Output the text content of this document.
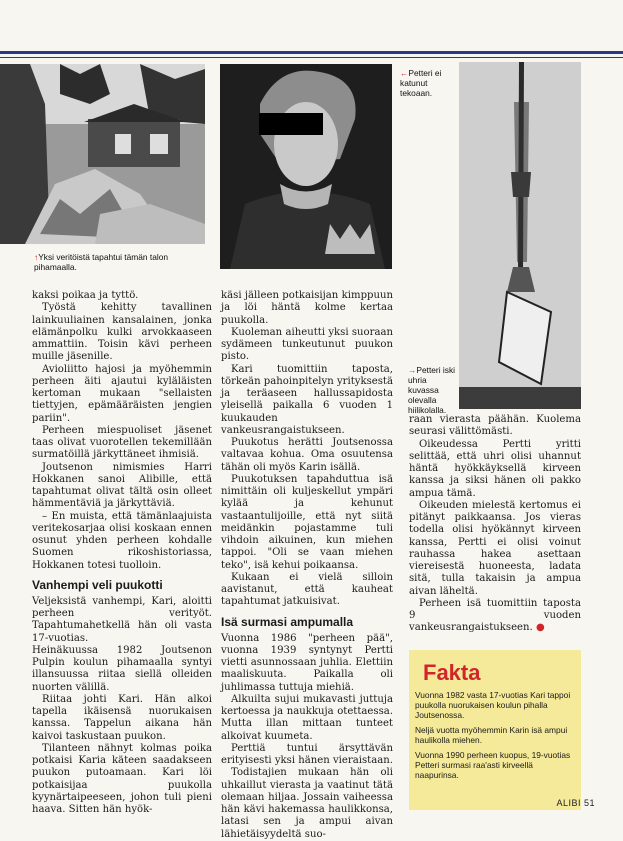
↑Yksi veritöistä tapahtui tämän talon pihamaalla.
←Petteri ei katunut tekoaan.
→Petteri iski uhria kuvassa olevalla hiilikolalla.

kaksi poikaa ja tyttö.

Työstä kehitty tavallinen lainkuuliainen kansalainen, jonka elämänpolku kulki arvokkaaseen ammattiin. Toisin kävi perheen muille jäsenille.

Avioliitto hajosi ja myöhemmin perheen äiti ajautui kyläläisten kertoman mukaan "sellaisten tiettyjen, epämääräisten jengien pariin".

Perheen miespuoliset jäsenet taas olivat vuorotellen tekemillään surmatöillä järkyttäneet ihmisiä.

Joutsenon nimismies Harri Hokkanen sanoi Alibille, että tapahtumat olivat tältä osin olleet hämmentäviä ja järkyttäviä.

– En muista, että tämänlaajuista veritekosarjaa olisi koskaan ennen osunut yhden perheen kohdalle Suomen rikoshistoriassa, Hokkanen totesi tuolloin.

Vanhempi veli puukotti

Veljeksistä vanhempi, Kari, aloitti perheen verityöt. Tapahtumahetkellä hän oli vasta 17-vuotias.

Heinäkuussa 1982 Joutsenon Pulpin koulun pihamaalla syntyi illansuussa riitaa siellä olleiden nuorten välillä.

Riitaa johti Kari. Hän alkoi tapella ikäisensä nuorukaisen kanssa. Tappelun aikana hän kaivoi taskustaan puukon.

Tilanteen nähnyt kolmas poika potkaisi Karia käteen saadakseen puukon putoamaan. Kari löi potkaisijaa puukolla kyynärtaipeeseen, johon tuli pieni haava. Sitten hän hyök-

käsi jälleen potkaisijan kimppuun ja löi häntä kolme kertaa puukolla.

Kuoleman aiheutti yksi suoraan sydämeen tunkeutunut puukon pisto.

Kari tuomittiin taposta, törkeän pahoinpitelyn yrityksestä ja teräaseen hallussapidosta yleisellä paikalla 6 vuoden 1 kuukauden vankeusrangaistukseen.

Puukotus herätti Joutsenossa valtavaa kohua. Oma osuutensa tähän oli myös Karin isällä.

Puukotuksen tapahduttua isä nimittäin oli kuljeskellut ympäri kylää ja kehunut vastaantulijoille, että nyt siitä meidänkin pojastamme tuli vihdoin aikuinen, kun miehen tappoi. "Oli se vaan miehen teko", isä kehui poikaansa.

Kukaan ei vielä silloin aavistanut, että kauheat tapahtumat jatkuisivat.

Isä surmasi ampumalla

Vuonna 1986 "perheen pää", vuonna 1939 syntynyt Pertti vietti asunnossaan juhlia. Elettiin maaliskuuta. Paikalla oli juhlimassa tuttuja miehiä.

Alkuilta sujui mukavasti juttuja kertoessa ja naukkuja otettaessa. Mutta illan mittaan tunteet alkoivat kuumeta.

Perttiä tuntui ärsyttävän erityisesti yksi hänen vieraistaan.

Todistajien mukaan hän oli uhkaillut vierasta ja vaatinut tätä olemaan hiljaa. Jossain vaiheessa hän kävi hakemassa haulikkonsa, latasi sen ja ampui aivan lähietäisyydeltä suo-

raan vierasta päähän. Kuolema seurasi välittömästi.

Oikeudessa Pertti yritti selittää, että uhri olisi uhannut häntä hyökkäyksellä kirveen kanssa ja siksi hänen oli pakko ampua tämä.

Oikeuden mielestä kertomus ei pitänyt paikkaansa. Jos vieras todella olisi hyökännyt kirveen kanssa, Pertti ei olisi voinut rauhassa hakea asettaan viereisestä huoneesta, ladata sitä, tulla takaisin ja ampua aivan läheltä.

Perheen isä tuomittiin taposta 9 vuoden vankeusrangaistukseen. ●

Fakta
Vuonna 1982 vasta 17-vuotias Kari tappoi puukolla nuorukaisen koulun pihalla Joutsenossa.
Neljä vuotta myöhemmin Karin isä ampui haulikolla miehen.
Vuonna 1990 perheen kuopus, 19-vuotias Petteri surmasi raa'asti kirveellä naapurinsa.
ALIBI 51
